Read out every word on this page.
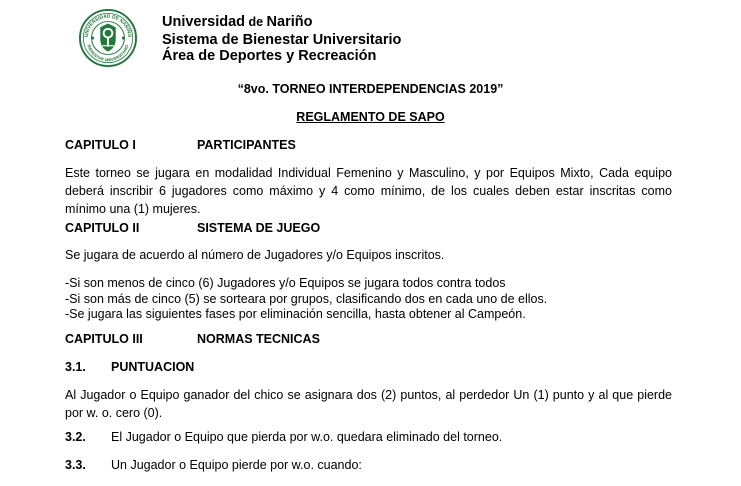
UNIVERSIDAD DE NARIÑO
BIENESTAR UNIVERSITARIO
Universidad de Nariño
Sistema de Bienestar Universitario
Área de Deportes y Recreación
“8vo. TORNEO INTERDEPENDENCIAS 2019”
REGLAMENTO DE SAPO
CAPITULO I	PARTICIPANTES
Este torneo se jugara en modalidad Individual Femenino y Masculino, y por Equipos Mixto, Cada equipo deberá inscribir 6 jugadores como máximo y 4 como mínimo, de los cuales deben estar inscritas como mínimo una (1) mujeres.
CAPITULO II	SISTEMA DE JUEGO
Se jugara de acuerdo al número de Jugadores y/o Equipos inscritos.
-Si son menos de cinco (6) Jugadores y/o Equipos se jugara todos contra todos
-Si son más de cinco (5) se sorteara por grupos, clasificando dos en cada uno de ellos.
-Se jugara las siguientes fases por eliminación sencilla, hasta obtener al Campeón.
CAPITULO III	NORMAS TECNICAS
3.1. PUNTUACION
Al Jugador o Equipo ganador del chico se asignara dos (2) puntos, al perdedor Un (1) punto y al que pierde por w. o. cero (0).
3.2. El Jugador o Equipo que pierda por w.o. quedara eliminado del torneo.
3.3. Un Jugador o Equipo pierde por w.o. cuando:
